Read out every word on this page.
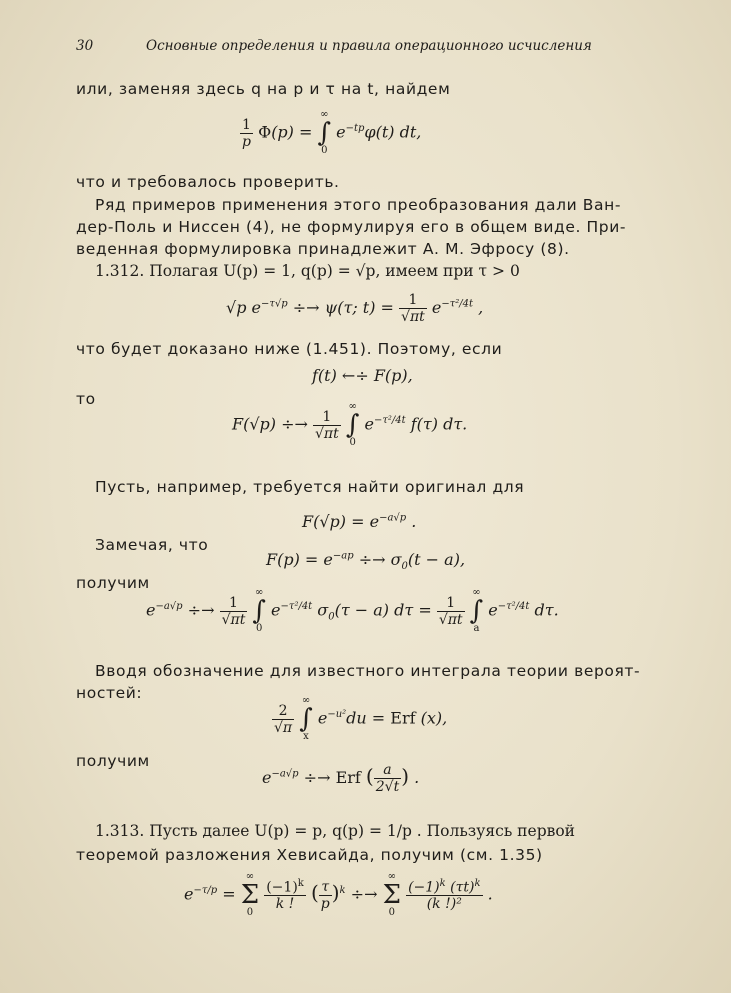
30	Основные определения и правила операционного исчисления
или, заменяя здесь q на p и τ на t, найдем
$\frac{1}{p} \Phi(p)$ =
∞
∫
0
$e^{-tp}\varphi(t)$ dt,
что и требовалось проверить.
Ряд примеров применения этого преобразования дали Ван-
дер-Поль и Ниссен (4), не формулируя его в общем виде. При-
веденная формулировка принадлежит А. М. Эфросу (8).
1.312. Полагая U(p) = 1, q(p) = √p, имеем при τ > 0
√p $e^{-\tau√p} \div\to \psi(\tau$; $t) = \frac{1}{√\pi t} e^{-\tau^2/4t}$ ,
что будет доказано ниже (1.451). Поэтому, если
f(t) ←÷ F(p),
то
$F(√p) \div\to \frac{1}{√\pi t}$

∞
∫
0
$e^{-\tau^2/4t}$ f(τ) dτ.
Пусть, например, требуется найти оригинал для
$F(√p) = e^{-a√p}$ .
Замечая, что
$F(p) = e^{-ap} \div\to \sigma_0(t - a)$,
получим
$e^{-a√p} \div\to \frac{1}{√\pi t}$

∞
∫
0
$e^{-\tau^2/4t}$ $\sigma_0(\tau - a) d\tau = \frac{1}{√\pi t}$

∞
∫
a
$e^{-\tau^2/4t}$ dτ.
Вводя обозначение для известного интеграла теории вероят-
ностей:
$\frac{2}{√\pi}$

∞
∫
x
$e^{-u^2}du$ = Erf (x),
получим
$e^{-a√p}$ ÷→ Erf ( $\frac{a}{2√t}$ ) .
1.313. Пусть далее U(p) = p, q(p) = 1/p . Пользуясь первой
теоремой разложения Хевисайда, получим (см. 1.35)
$e^{-\tau/p}$ =
∞
Σ
0

$\frac{(-1)^k}{k !}$ ( $\frac{\tau}{p} )^k$ ÷→
∞
Σ
0

$\frac{(-1)^k (\tau t)^k}{\text{(k !)²}}$ .
